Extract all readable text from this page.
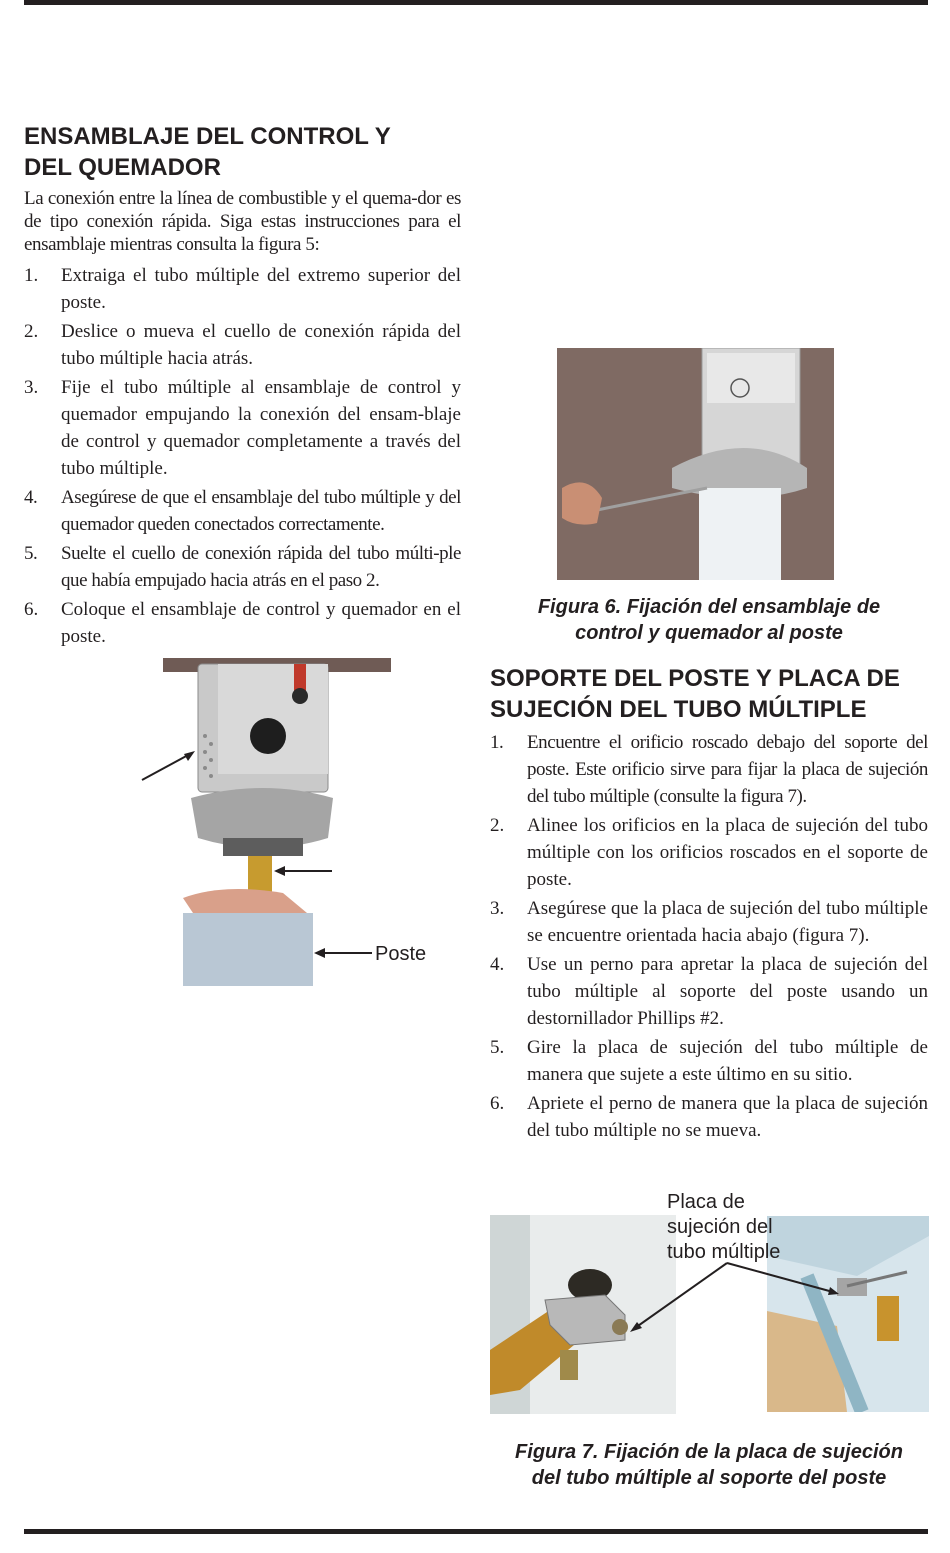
ENSAMBLAJE DEL CONTROL Y
DEL QUEMADOR

La conexión entre la línea de combustible y el quema-dor es de tipo conexión rápida. Siga estas instrucciones para el ensamblaje mientras consulta la figura 5:

1. Extraiga el tubo múltiple del extremo superior del poste.
2. Deslice o mueva el cuello de conexión rápida del tubo múltiple hacia atrás.
3. Fije el tubo múltiple al ensamblaje de control y quemador empujando la conexión del ensam-blaje de control y quemador completamente a través del tubo múltiple.
4. Asegúrese de que el ensamblaje del tubo múltiple y del quemador queden conectados correctamente.
5. Suelte el cuello de conexión rápida del tubo múlti-ple que había empujado hacia atrás en el paso 2.
6. Coloque el ensamblaje de control y quemador en el poste.
Poste
Figura 6. Fijación del ensamblaje de
control y quemador al poste
SOPORTE DEL POSTE Y PLACA DE
SUJECIÓN DEL TUBO MÚLTIPLE
1. Encuentre el orificio roscado debajo del soporte del poste. Este orificio sirve para fijar la placa de sujeción del tubo múltiple (consulte la figura 7).
2. Alinee los orificios en la placa de sujeción del tubo múltiple con los orificios roscados en el soporte de poste.
3. Asegúrese que la placa de sujeción del tubo múltiple se encuentre orientada hacia abajo (figura 7).
4. Use un perno para apretar la placa de sujeción del tubo múltiple al soporte del poste usando un destornillador Phillips #2.
5. Gire la placa de sujeción del tubo múltiple de manera que sujete a este último en su sitio.
6. Apriete el perno de manera que la placa de sujeción del tubo múltiple no se mueva.
Placa de
sujeción del
tubo múltiple
Figura 7. Fijación de la placa de sujeción
del tubo múltiple al soporte del poste
